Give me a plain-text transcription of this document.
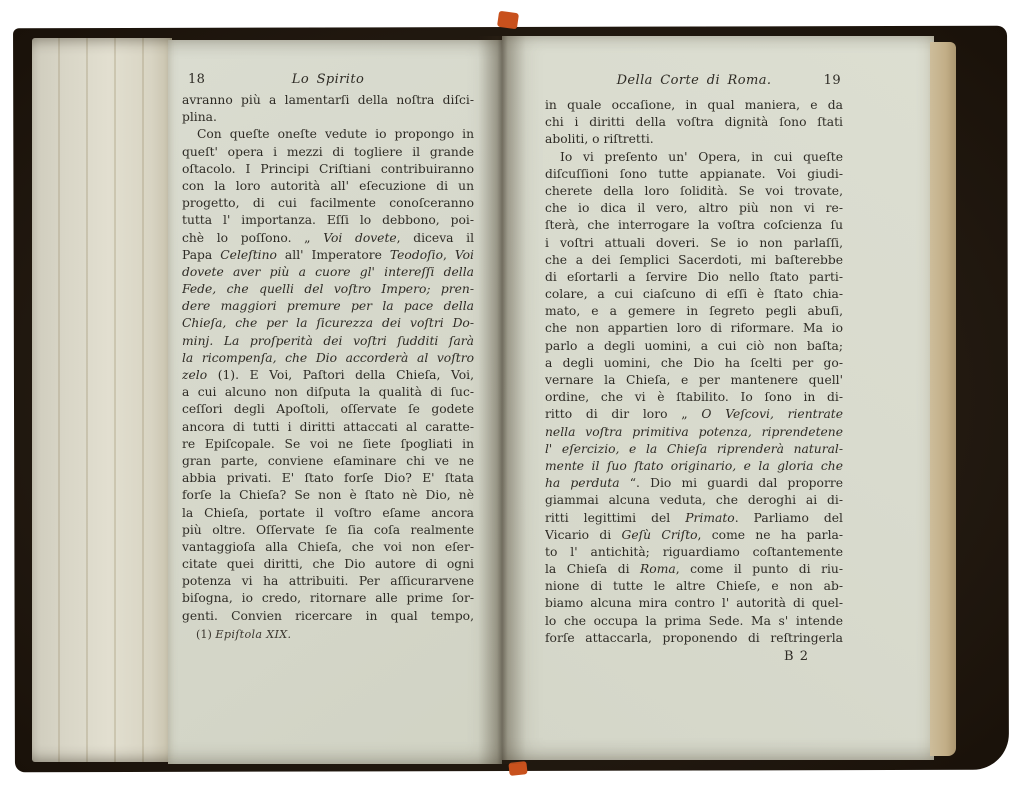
18	Lo Spirito
avranno più a lamentarſi della noſtra diſci-
plina.
Con queſte oneſte vedute io propongo in
queſt' opera i mezzi di togliere il grande
oſtacolo. I Principi Criſtiani contribuiranno
con la loro autorità all' eſecuzione di un
progetto, di cui facilmente conoſceranno
tutta l' importanza. Eſſi lo debbono, poi-
chè lo poſſono. „ Voi dovete, diceva il
Papa Celeſtino all' Imperatore Teodoſio, Voi
dovete aver più a cuore gl' intereſſi della
Fede, che quelli del voſtro Impero; pren-
dere maggiori premure per la pace della
Chieſa, che per la ſicurezza dei voſtri Do-
minj. La proſperità dei voſtri ſudditi ſarà
la ricompenſa, che Dio accorderà al voſtro
zelo (1). E Voi, Paſtori della Chieſa, Voi,
a cui alcuno non diſputa la qualità di ſuc-
ceſſori degli Apoſtoli, oſſervate ſe godete
ancora di tutti i diritti attaccati al caratte-
re Epiſcopale. Se voi ne ſiete ſpogliati in
gran parte, conviene eſaminare chi ve ne
abbia privati. E' ſtato forſe Dio? E' ſtata
forſe la Chieſa? Se non è ſtato nè Dio, nè
la Chieſa, portate il voſtro eſame ancora
più oltre. Oſſervate ſe ſia coſa realmente
vantaggioſa alla Chieſa, che voi non eſer-
citate quei diritti, che Dio autore di ogni
potenza vi ha attribuiti. Per aſſicurarvene
biſogna, io credo, ritornare alle prime ſor-
genti. Convien ricercare in qual tempo,
(1) Epiſtola XIX.
Della Corte di Roma.	19
in quale occaſione, in qual maniera, e da
chi i diritti della voſtra dignità ſono ſtati
aboliti, o riſtretti.
Io vi preſento un' Opera, in cui queſte
diſcuſſioni ſono tutte appianate. Voi giudi-
cherete della loro ſolidità. Se voi trovate,
che io dica il vero, altro più non vi re-
ſterà, che interrogare la voſtra coſcienza ſu
i voſtri attuali doveri. Se io non parlaſſi,
che a dei ſemplici Sacerdoti, mi baſterebbe
di eſortarli a ſervire Dio nello ſtato parti-
colare, a cui ciaſcuno di eſſi è ſtato chia-
mato, e a gemere in ſegreto pegli abuſi,
che non appartien loro di riformare. Ma io
parlo a degli uomini, a cui ciò non baſta;
a degli uomini, che Dio ha ſcelti per go-
vernare la Chieſa, e per mantenere quell'
ordine, che vi è ſtabilito. Io ſono in di-
ritto di dir loro „ O Veſcovi, rientrate
nella voſtra primitiva potenza, riprendetene
l' eſercizio, e la Chieſa riprenderà natural-
mente il ſuo ſtato originario, e la gloria che
ha perduta “. Dio mi guardi dal proporre
giammai alcuna veduta, che deroghi ai di-
ritti legittimi del Primato. Parliamo del
Vicario di Geſù Criſto, come ne ha parla-
to l' antichità; riguardiamo coſtantemente
la Chieſa di Roma, come il punto di riu-
nione di tutte le altre Chieſe, e non ab-
biamo alcuna mira contro l' autorità di quel-
lo che occupa la prima Sede. Ma s' intende
forſe attaccarla, proponendo di reſtringerla
B 2
